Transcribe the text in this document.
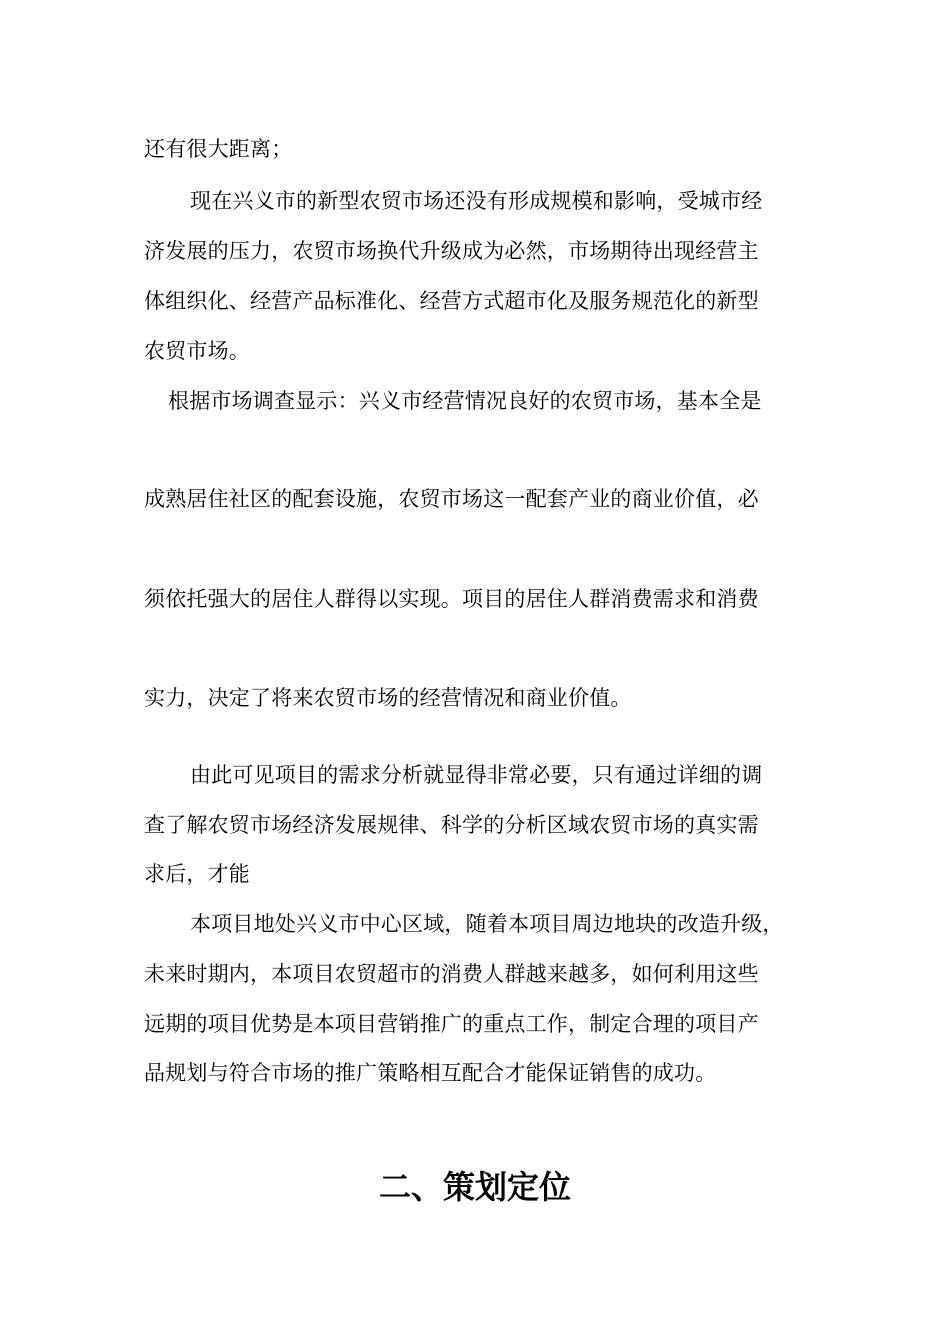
还有很大距离；
现在兴义市的新型农贸市场还没有形成规模和影响，受城市经
济发展的压力，农贸市场换代升级成为必然，市场期待出现经营主
体组织化、经营产品标准化、经营方式超市化及服务规范化的新型
农贸市场。
根据市场调查显示：兴义市经营情况良好的农贸市场，基本全是
成熟居住社区的配套设施，农贸市场这一配套产业的商业价值，必
须依托强大的居住人群得以实现。项目的居住人群消费需求和消费
实力，决定了将来农贸市场的经营情况和商业价值。
由此可见项目的需求分析就显得非常必要，只有通过详细的调
查了解农贸市场经济发展规律、科学的分析区域农贸市场的真实需
求后，才能
本项目地处兴义市中心区域，随着本项目周边地块的改造升级，
未来时期内，本项目农贸超市的消费人群越来越多，如何利用这些
远期的项目优势是本项目营销推广的重点工作，制定合理的项目产
品规划与符合市场的推广策略相互配合才能保证销售的成功。
二、策划定位
